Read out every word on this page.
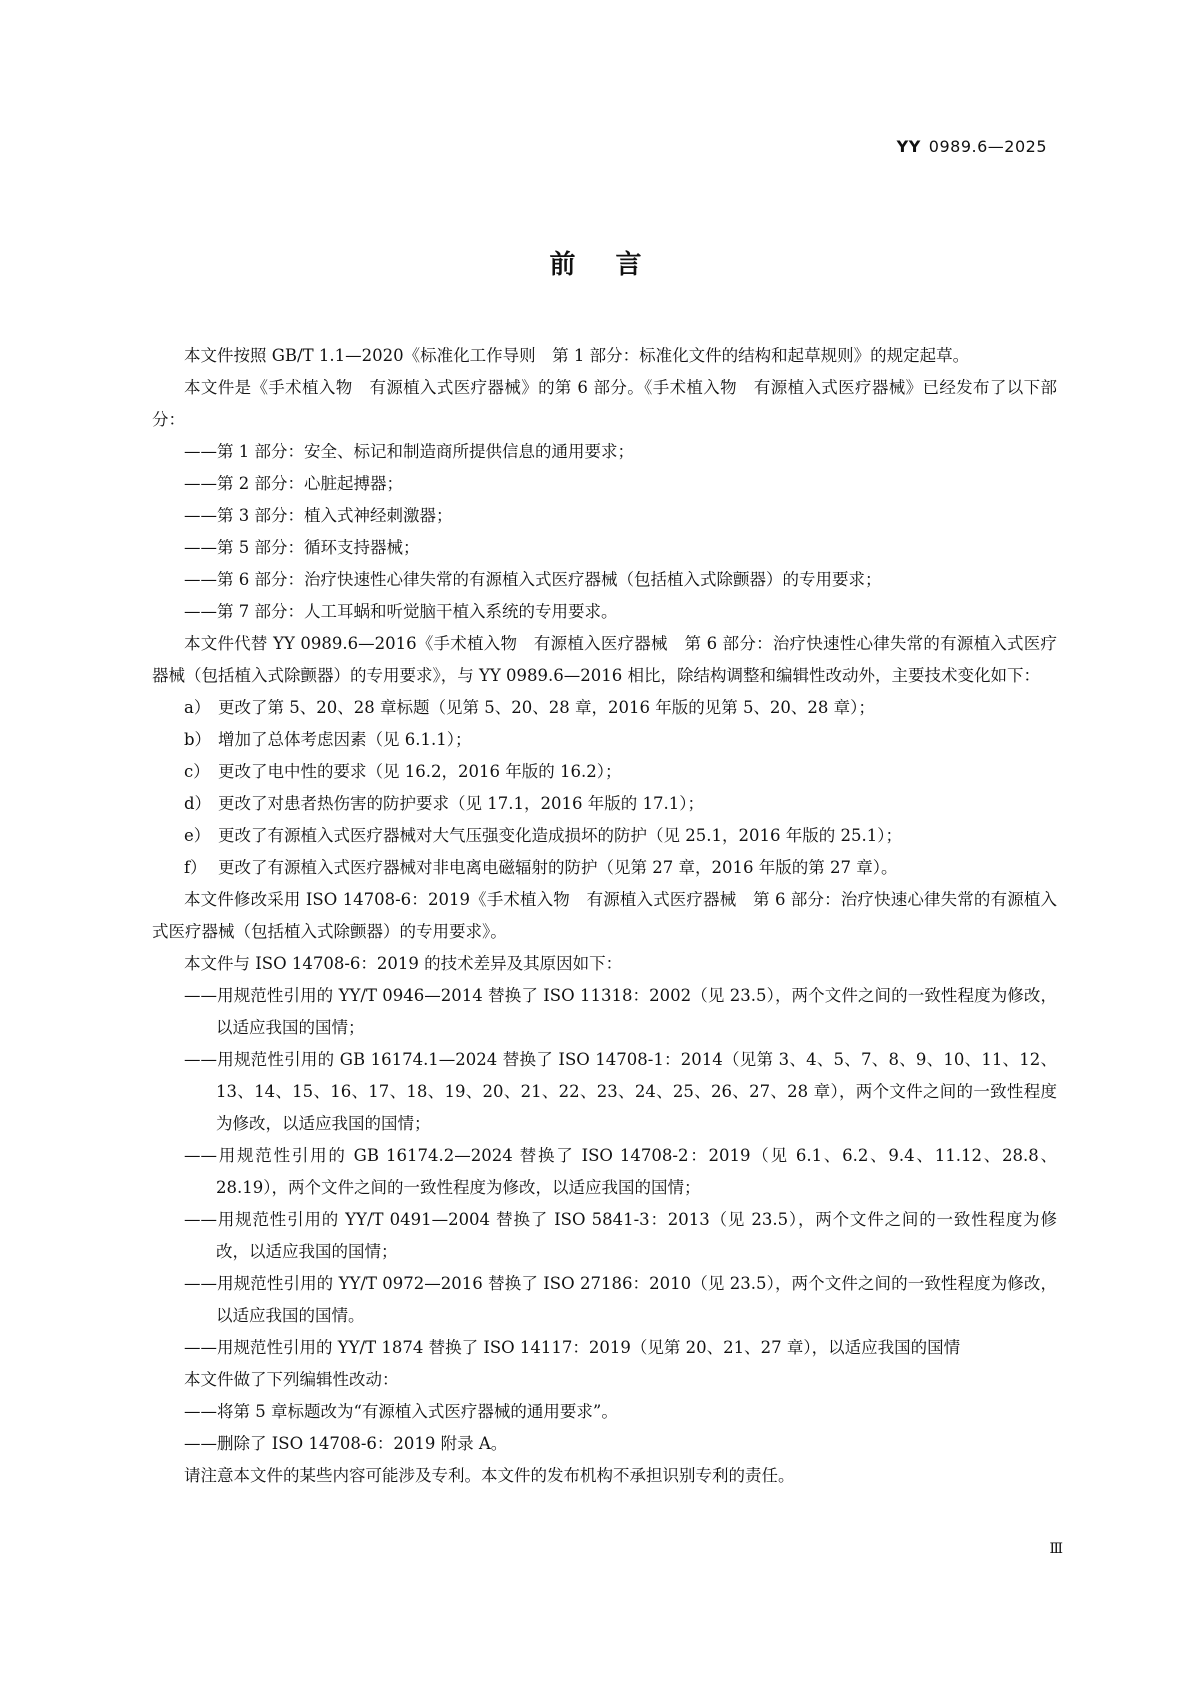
YY 0989.6—2025
前言

本文件按照 GB/T 1.1—2020《标准化工作导则　第 1 部分：标准化文件的结构和起草规则》的规定起草。

本文件是《手术植入物　有源植入式医疗器械》的第 6 部分。《手术植入物　有源植入式医疗器械》已经发布了以下部分：

——第 1 部分：安全、标记和制造商所提供信息的通用要求；

——第 2 部分：心脏起搏器；

——第 3 部分：植入式神经刺激器；

——第 5 部分：循环支持器械；

——第 6 部分：治疗快速性心律失常的有源植入式医疗器械（包括植入式除颤器）的专用要求；

——第 7 部分：人工耳蜗和听觉脑干植入系统的专用要求。

本文件代替 YY 0989.6—2016《手术植入物　有源植入医疗器械　第 6 部分：治疗快速性心律失常的有源植入式医疗器械（包括植入式除颤器）的专用要求》，与 YY 0989.6—2016 相比，除结构调整和编辑性改动外，主要技术变化如下：

a） 更改了第 5、20、28 章标题（见第 5、20、28 章，2016 年版的见第 5、20、28 章）；

b） 增加了总体考虑因素（见 6.1.1）；

c） 更改了电中性的要求（见 16.2，2016 年版的 16.2）；

d） 更改了对患者热伤害的防护要求（见 17.1，2016 年版的 17.1）；

e） 更改了有源植入式医疗器械对大气压强变化造成损坏的防护（见 25.1，2016 年版的 25.1）；

f） 更改了有源植入式医疗器械对非电离电磁辐射的防护（见第 27 章，2016 年版的第 27 章）。

本文件修改采用 ISO 14708-6：2019《手术植入物　有源植入式医疗器械　第 6 部分：治疗快速心律失常的有源植入式医疗器械（包括植入式除颤器）的专用要求》。

本文件与 ISO 14708-6：2019 的技术差异及其原因如下：

——用规范性引用的 YY/T 0946—2014 替换了 ISO 11318：2002（见 23.5），两个文件之间的一致性程度为修改，以适应我国的国情；

——用规范性引用的 GB 16174.1—2024 替换了 ISO 14708-1：2014（见第 3、4、5、7、8、9、10、11、12、13、14、15、16、17、18、19、20、21、22、23、24、25、26、27、28 章），两个文件之间的一致性程度为修改，以适应我国的国情；

——用规范性引用的 GB 16174.2—2024 替换了 ISO 14708-2：2019（见 6.1、6.2、9.4、11.12、28.8、28.19），两个文件之间的一致性程度为修改，以适应我国的国情；

——用规范性引用的 YY/T 0491—2004 替换了 ISO 5841-3：2013（见 23.5），两个文件之间的一致性程度为修改，以适应我国的国情；

——用规范性引用的 YY/T 0972—2016 替换了 ISO 27186：2010（见 23.5），两个文件之间的一致性程度为修改，以适应我国的国情。

——用规范性引用的 YY/T 1874 替换了 ISO 14117：2019（见第 20、21、27 章），以适应我国的国情

本文件做了下列编辑性改动：

——将第 5 章标题改为“有源植入式医疗器械的通用要求”。

——删除了 ISO 14708-6：2019 附录 A。

请注意本文件的某些内容可能涉及专利。本文件的发布机构不承担识别专利的责任。

Ⅲ
